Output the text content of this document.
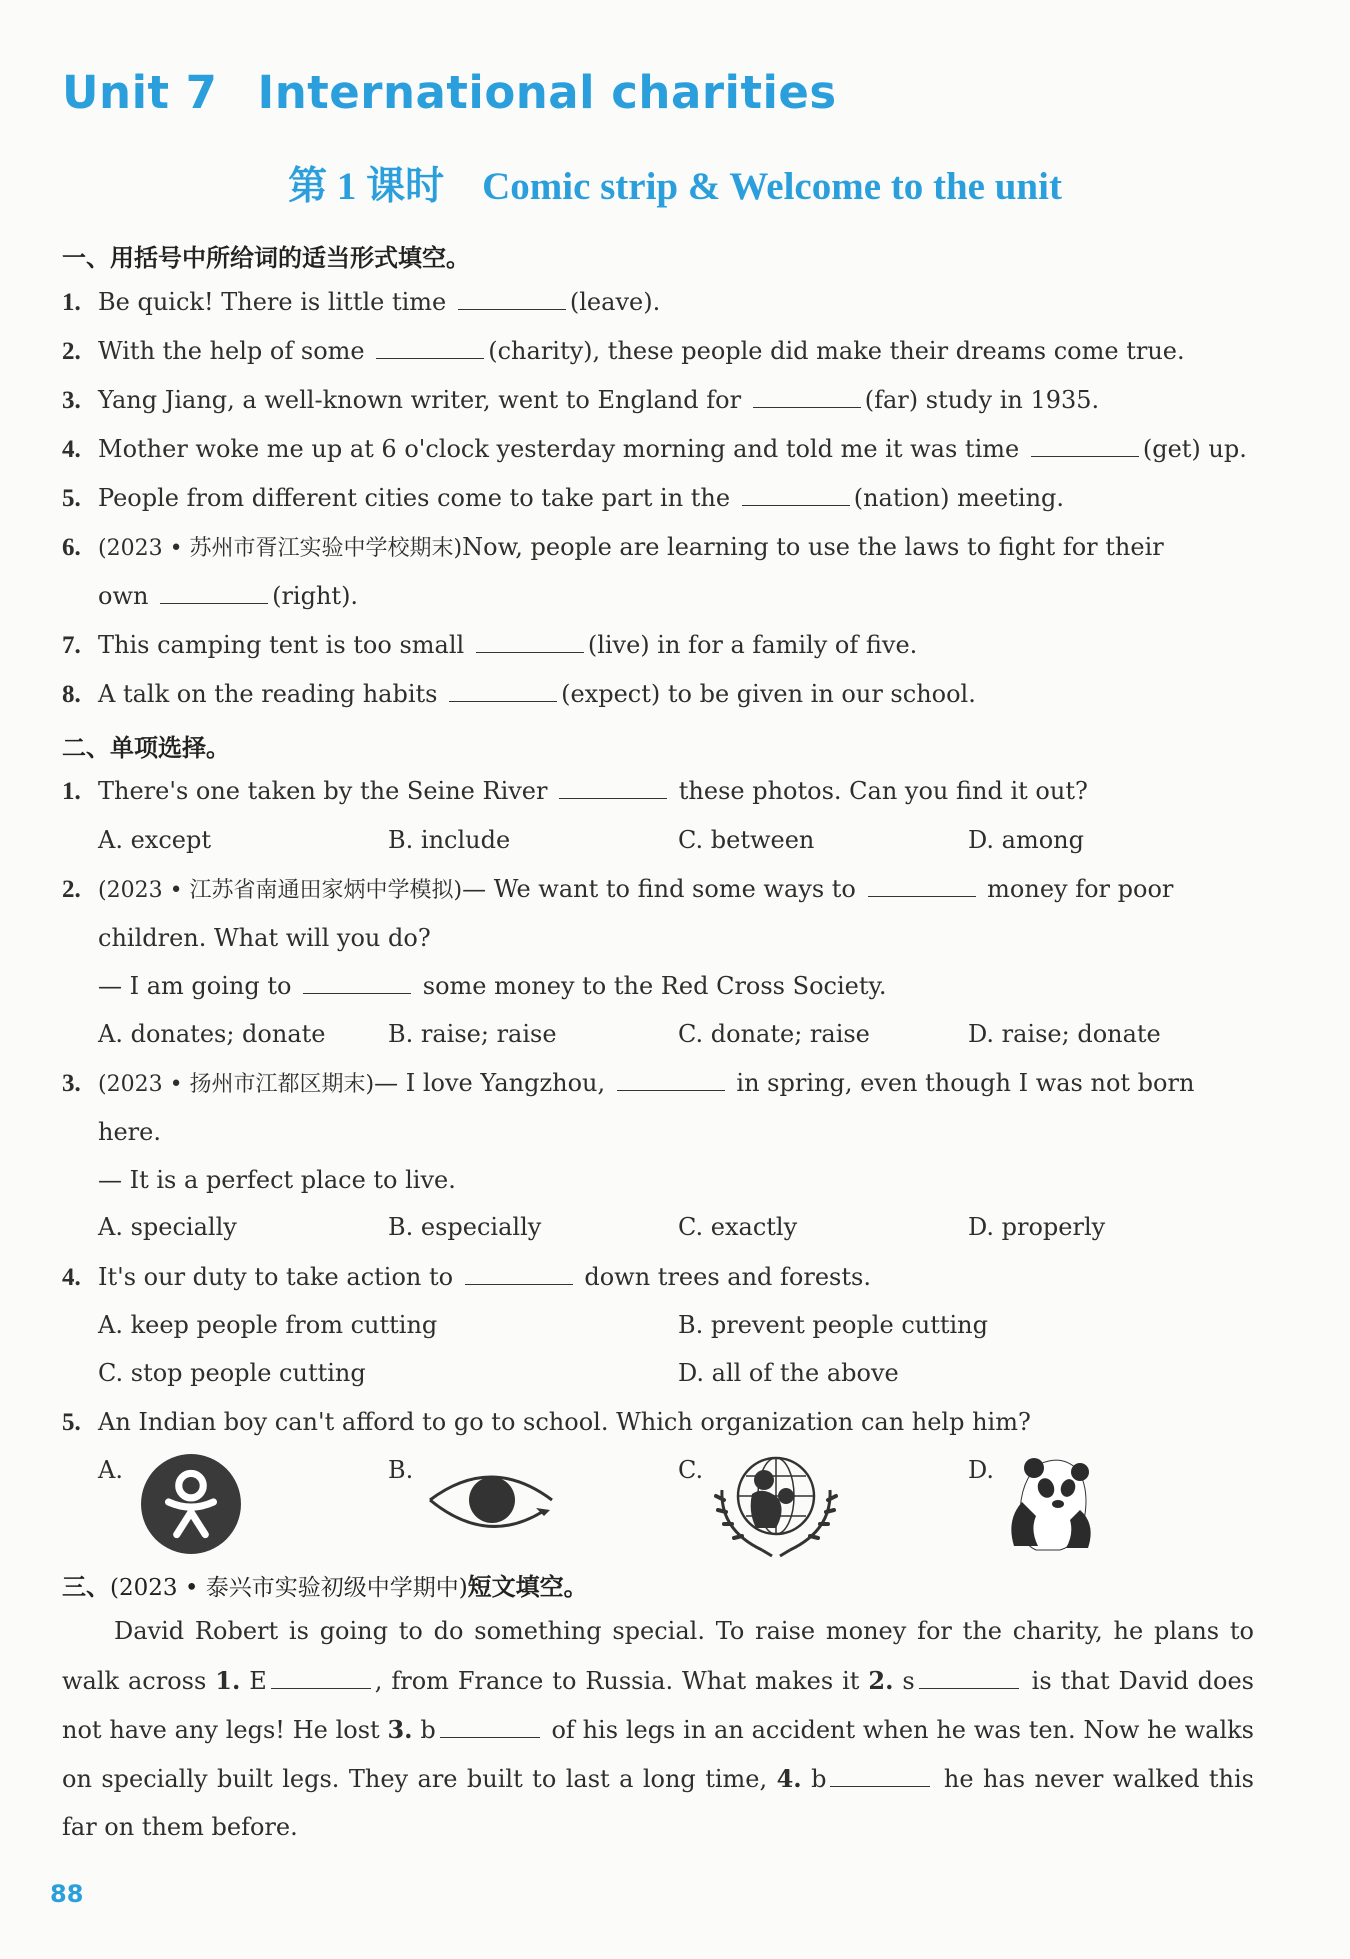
Unit 7 International charities
第 1 课时 Comic strip & Welcome to the unit
一、用括号中所给词的适当形式填空。
1. Be quick! There is little time	(leave).
2. With the help of some	(charity), these people did make their dreams come true.
3. Yang Jiang, a well-known writer, went to England for	(far) study in 1935.
4. Mother woke me up at 6 o'clock yesterday morning and told me it was time	(get) up.
5. People from different cities come to take part in the	(nation) meeting.
6. (2023 • 苏州市胥江实验中学校期末)Now, people are learning to use the laws to fight for their
own	(right).
7. This camping tent is too small	(live) in for a family of five.
8. A talk on the reading habits	(expect) to be given in our school.
二、单项选择。
1. There's one taken by the Seine River	these photos. Can you find it out?
A. except	B. include	C. between	D. among
2. (2023 • 江苏省南通田家炳中学模拟)— We want to find some ways to	money for poor
children. What will you do?
— I am going to	some money to the Red Cross Society.
A. donates; donate	B. raise; raise	C. donate; raise	D. raise; donate
3. (2023 • 扬州市江都区期末)— I love Yangzhou,	in spring, even though I was not born
here.
— It is a perfect place to live.
A. specially	B. especially	C. exactly	D. properly
4. It's our duty to take action to	down trees and forests.
A. keep people from cutting	B. prevent people cutting
C. stop people cutting	D. all of the above
5. An Indian boy can't afford to go to school. Which organization can help him?
A.	B.	C.	D.
三、(2023 • 泰兴市实验初级中学期中)短文填空。
David Robert is going to do something special. To raise money for the charity, he plans to
walk across 1. E	, from France to Russia. What makes it 2. s	is that David does
not have any legs! He lost 3. b	of his legs in an accident when he was ten. Now he walks
on specially built legs. They are built to last a long time, 4. b	he has never walked this
far on them before.
88
